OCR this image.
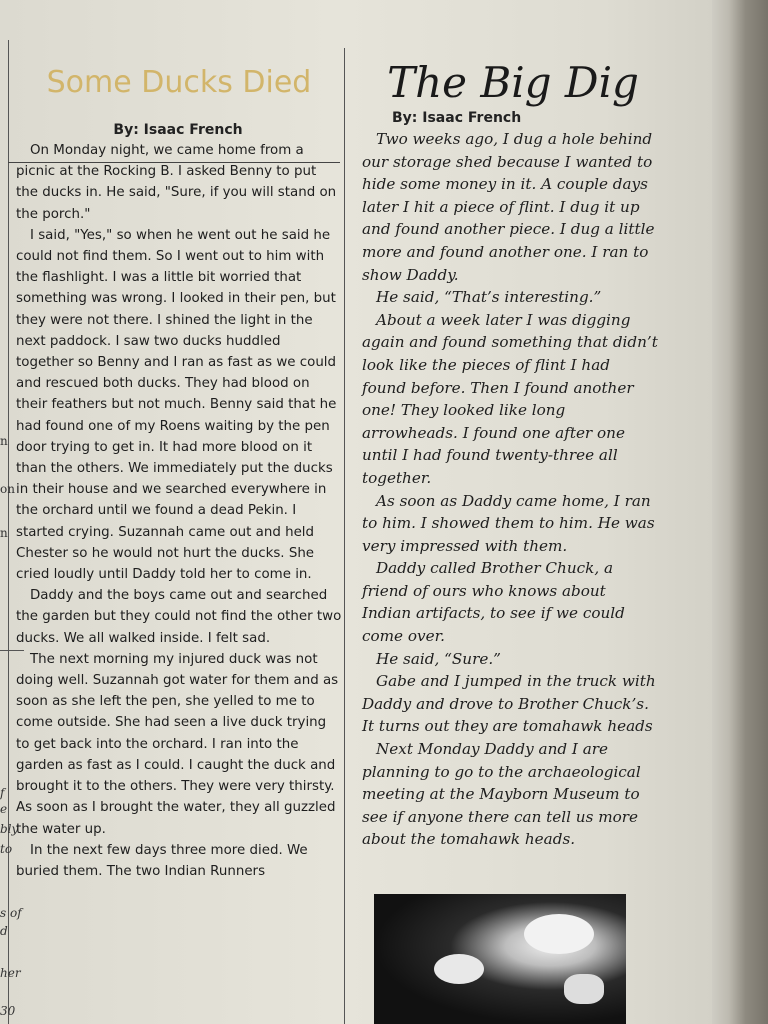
n
on
n
f
e
bly
to
s of
d
her
30
Some Ducks Died
By: Isaac French

On Monday night, we came home from a picnic at the Rocking B. I asked Benny to put the ducks in. He said, "Sure, if you will stand on the porch."

I said, "Yes," so when he went out he said he could not find them. So I went out to him with the flashlight. I was a little bit worried that something was wrong. I looked in their pen, but they were not there. I shined the light in the next paddock. I saw two ducks huddled together so Benny and I ran as fast as we could and rescued both ducks. They had blood on their feathers but not much. Benny said that he had found one of my Roens waiting by the pen door trying to get in. It had more blood on it than the others. We immediately put the ducks in their house and we searched everywhere in the orchard until we found a dead Pekin. I started crying. Suzannah came out and held Chester so he would not hurt the ducks. She cried loudly until Daddy told her to come in.

Daddy and the boys came out and searched the garden but they could not find the other two ducks. We all walked inside. I felt sad.

The next morning my injured duck was not doing well. Suzannah got water for them and as soon as she left the pen, she yelled to me to come outside. She had seen a live duck trying to get back into the orchard. I ran into the garden as fast as I could. I caught the duck and brought it to the others. They were very thirsty. As soon as I brought the water, they all guzzled the water up.

In the next few days three more died. We buried them. The two Indian Runners

The Big Dig
By: Isaac French

Two weeks ago, I dug a hole behind our storage shed because I wanted to hide some money in it. A couple days later I hit a piece of flint. I dug it up and found another piece. I dug a little more and found another one. I ran to show Daddy.

He said, “That’s interesting.”

About a week later I was digging again and found something that didn’t look like the pieces of flint I had found before. Then I found another one! They looked like long arrowheads. I found one after one until I had found twenty-three all together.

As soon as Daddy came home, I ran to him. I showed them to him. He was very impressed with them.

Daddy called Brother Chuck, a friend of ours who knows about Indian artifacts, to see if we could come over.

He said, “Sure.”

Gabe and I jumped in the truck with Daddy and drove to Brother Chuck’s. It turns out they are tomahawk heads

Next Monday Daddy and I are planning to go to the archaeological meeting at the Mayborn Museum to see if anyone there can tell us more about the tomahawk heads.
